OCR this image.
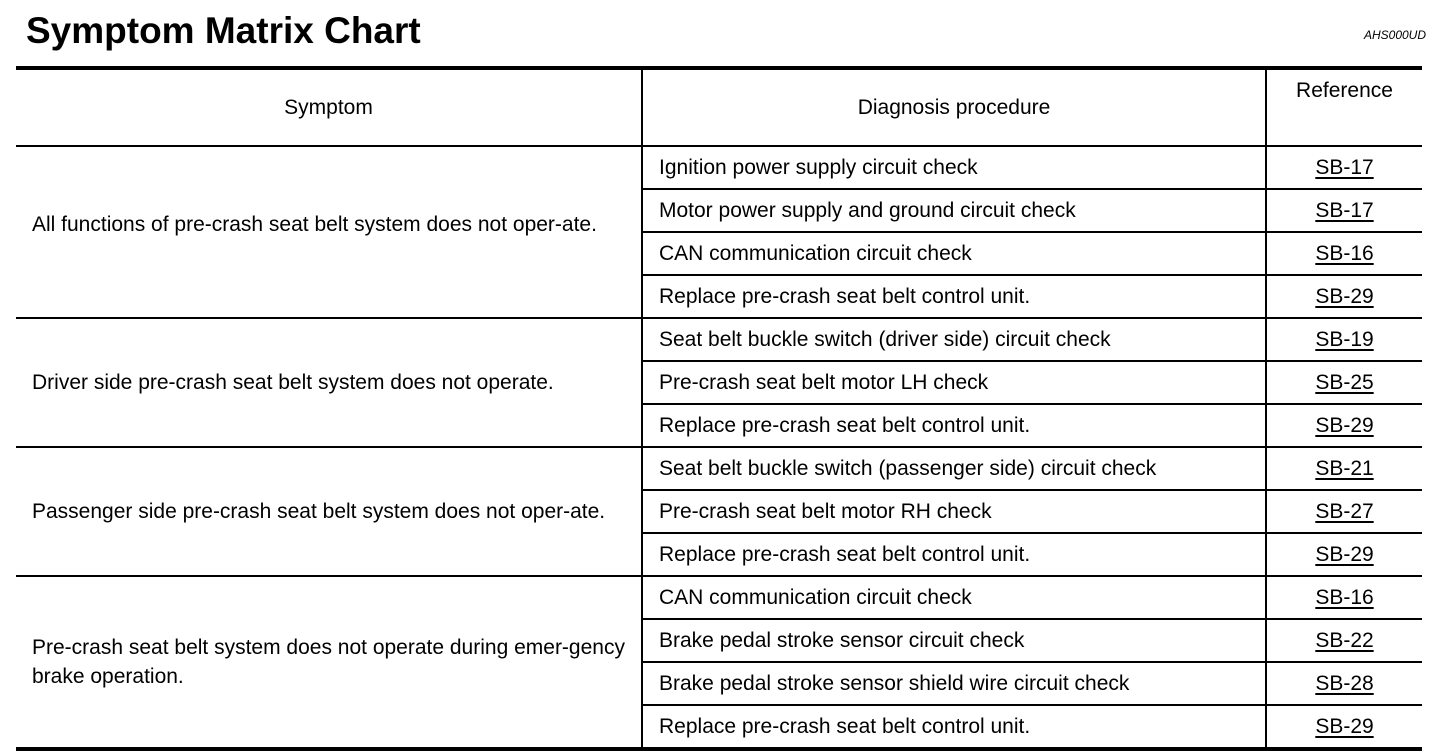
Symptom Matrix Chart	AHS000UD
Symptom	Diagnosis procedure	Reference

All functions of pre-crash seat belt system does not oper-ate.	Ignition power supply circuit check	SB-17
	Motor power supply and ground circuit check	SB-17
	CAN communication circuit check	SB-16
	Replace pre-crash seat belt control unit.	SB-29
Driver side pre-crash seat belt system does not operate.	Seat belt buckle switch (driver side) circuit check	SB-19
	Pre-crash seat belt motor LH check	SB-25
	Replace pre-crash seat belt control unit.	SB-29
Passenger side pre-crash seat belt system does not oper-ate.	Seat belt buckle switch (passenger side) circuit check	SB-21
	Pre-crash seat belt motor RH check	SB-27
	Replace pre-crash seat belt control unit.	SB-29
Pre-crash seat belt system does not operate during emer-gency brake operation.	CAN communication circuit check	SB-16
	Brake pedal stroke sensor circuit check	SB-22
	Brake pedal stroke sensor shield wire circuit check	SB-28
	Replace pre-crash seat belt control unit.	SB-29
